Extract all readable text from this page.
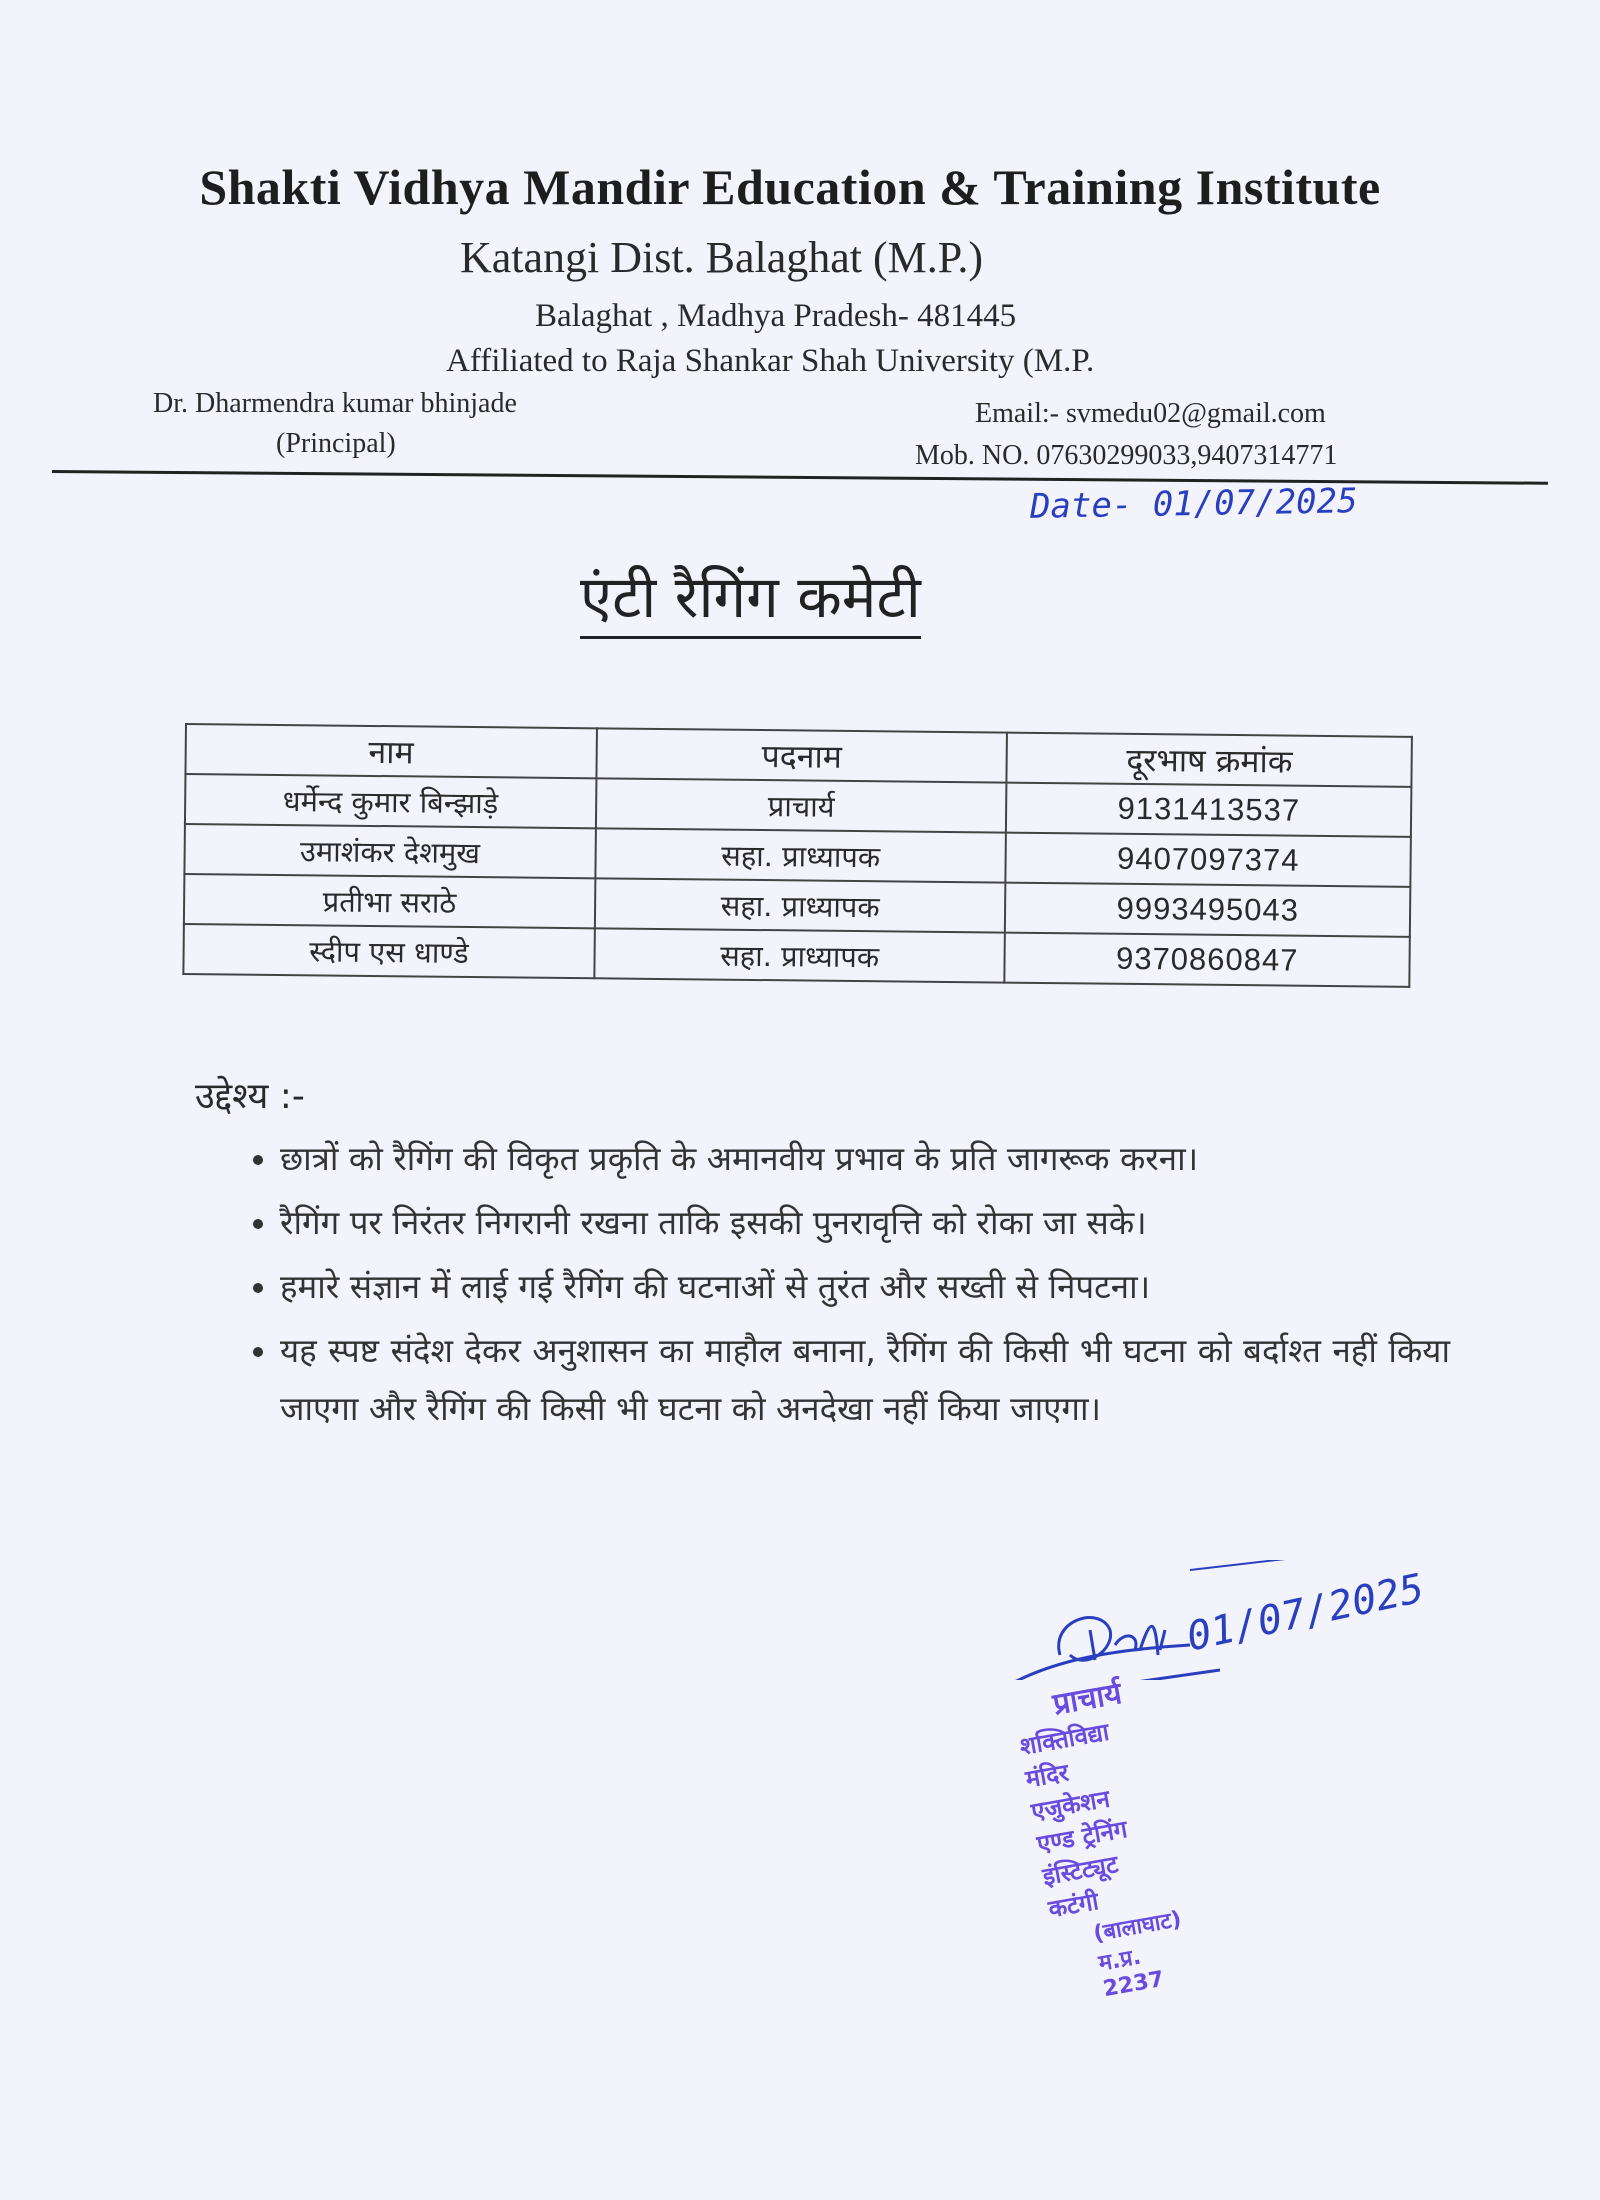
Shakti Vidhya Mandir Education & Training Institute
Katangi Dist. Balaghat (M.P.)
Balaghat , Madhya Pradesh- 481445
Affiliated to Raja Shankar Shah University (M.P.
Dr. Dharmendra kumar bhinjade
(Principal)
Email:- svmedu02@gmail.com
Mob. NO. 07630299033,9407314771
Date- 01/07/2025
एंटी रैगिंग कमेटी
नाम	पदनाम	दूरभाष क्रमांक
धर्मेन्द कुमार बिन्झाड़े	प्राचार्य	9131413537
उमाशंकर देशमुख	सहा. प्राध्यापक	9407097374
प्रतीभा सराठे	सहा. प्राध्यापक	9993495043
स्दीप एस धाण्डे	सहा. प्राध्यापक	9370860847
उद्देश्य :-
• छात्रों को रैगिंग की विकृत प्रकृति के अमानवीय प्रभाव के प्रति जागरूक करना।
• रैगिंग पर निरंतर निगरानी रखना ताकि इसकी पुनरावृत्ति को रोका जा सके।
• हमारे संज्ञान में लाई गई रैगिंग की घटनाओं से तुरंत और सख्ती से निपटना।
• यह स्पष्ट संदेश देकर अनुशासन का माहौल बनाना, रैगिंग की किसी भी घटना को बर्दाश्त नहीं किया जाएगा और रैगिंग की किसी भी घटना को अनदेखा नहीं किया जाएगा।
01/07/2025
प्राचार्य
शक्तिविद्या मंदिर एजुकेशन
एण्ड ट्रेनिंग इंस्टिट्यूट कटंगी
(बालाघाट) म.प्र. 2237
